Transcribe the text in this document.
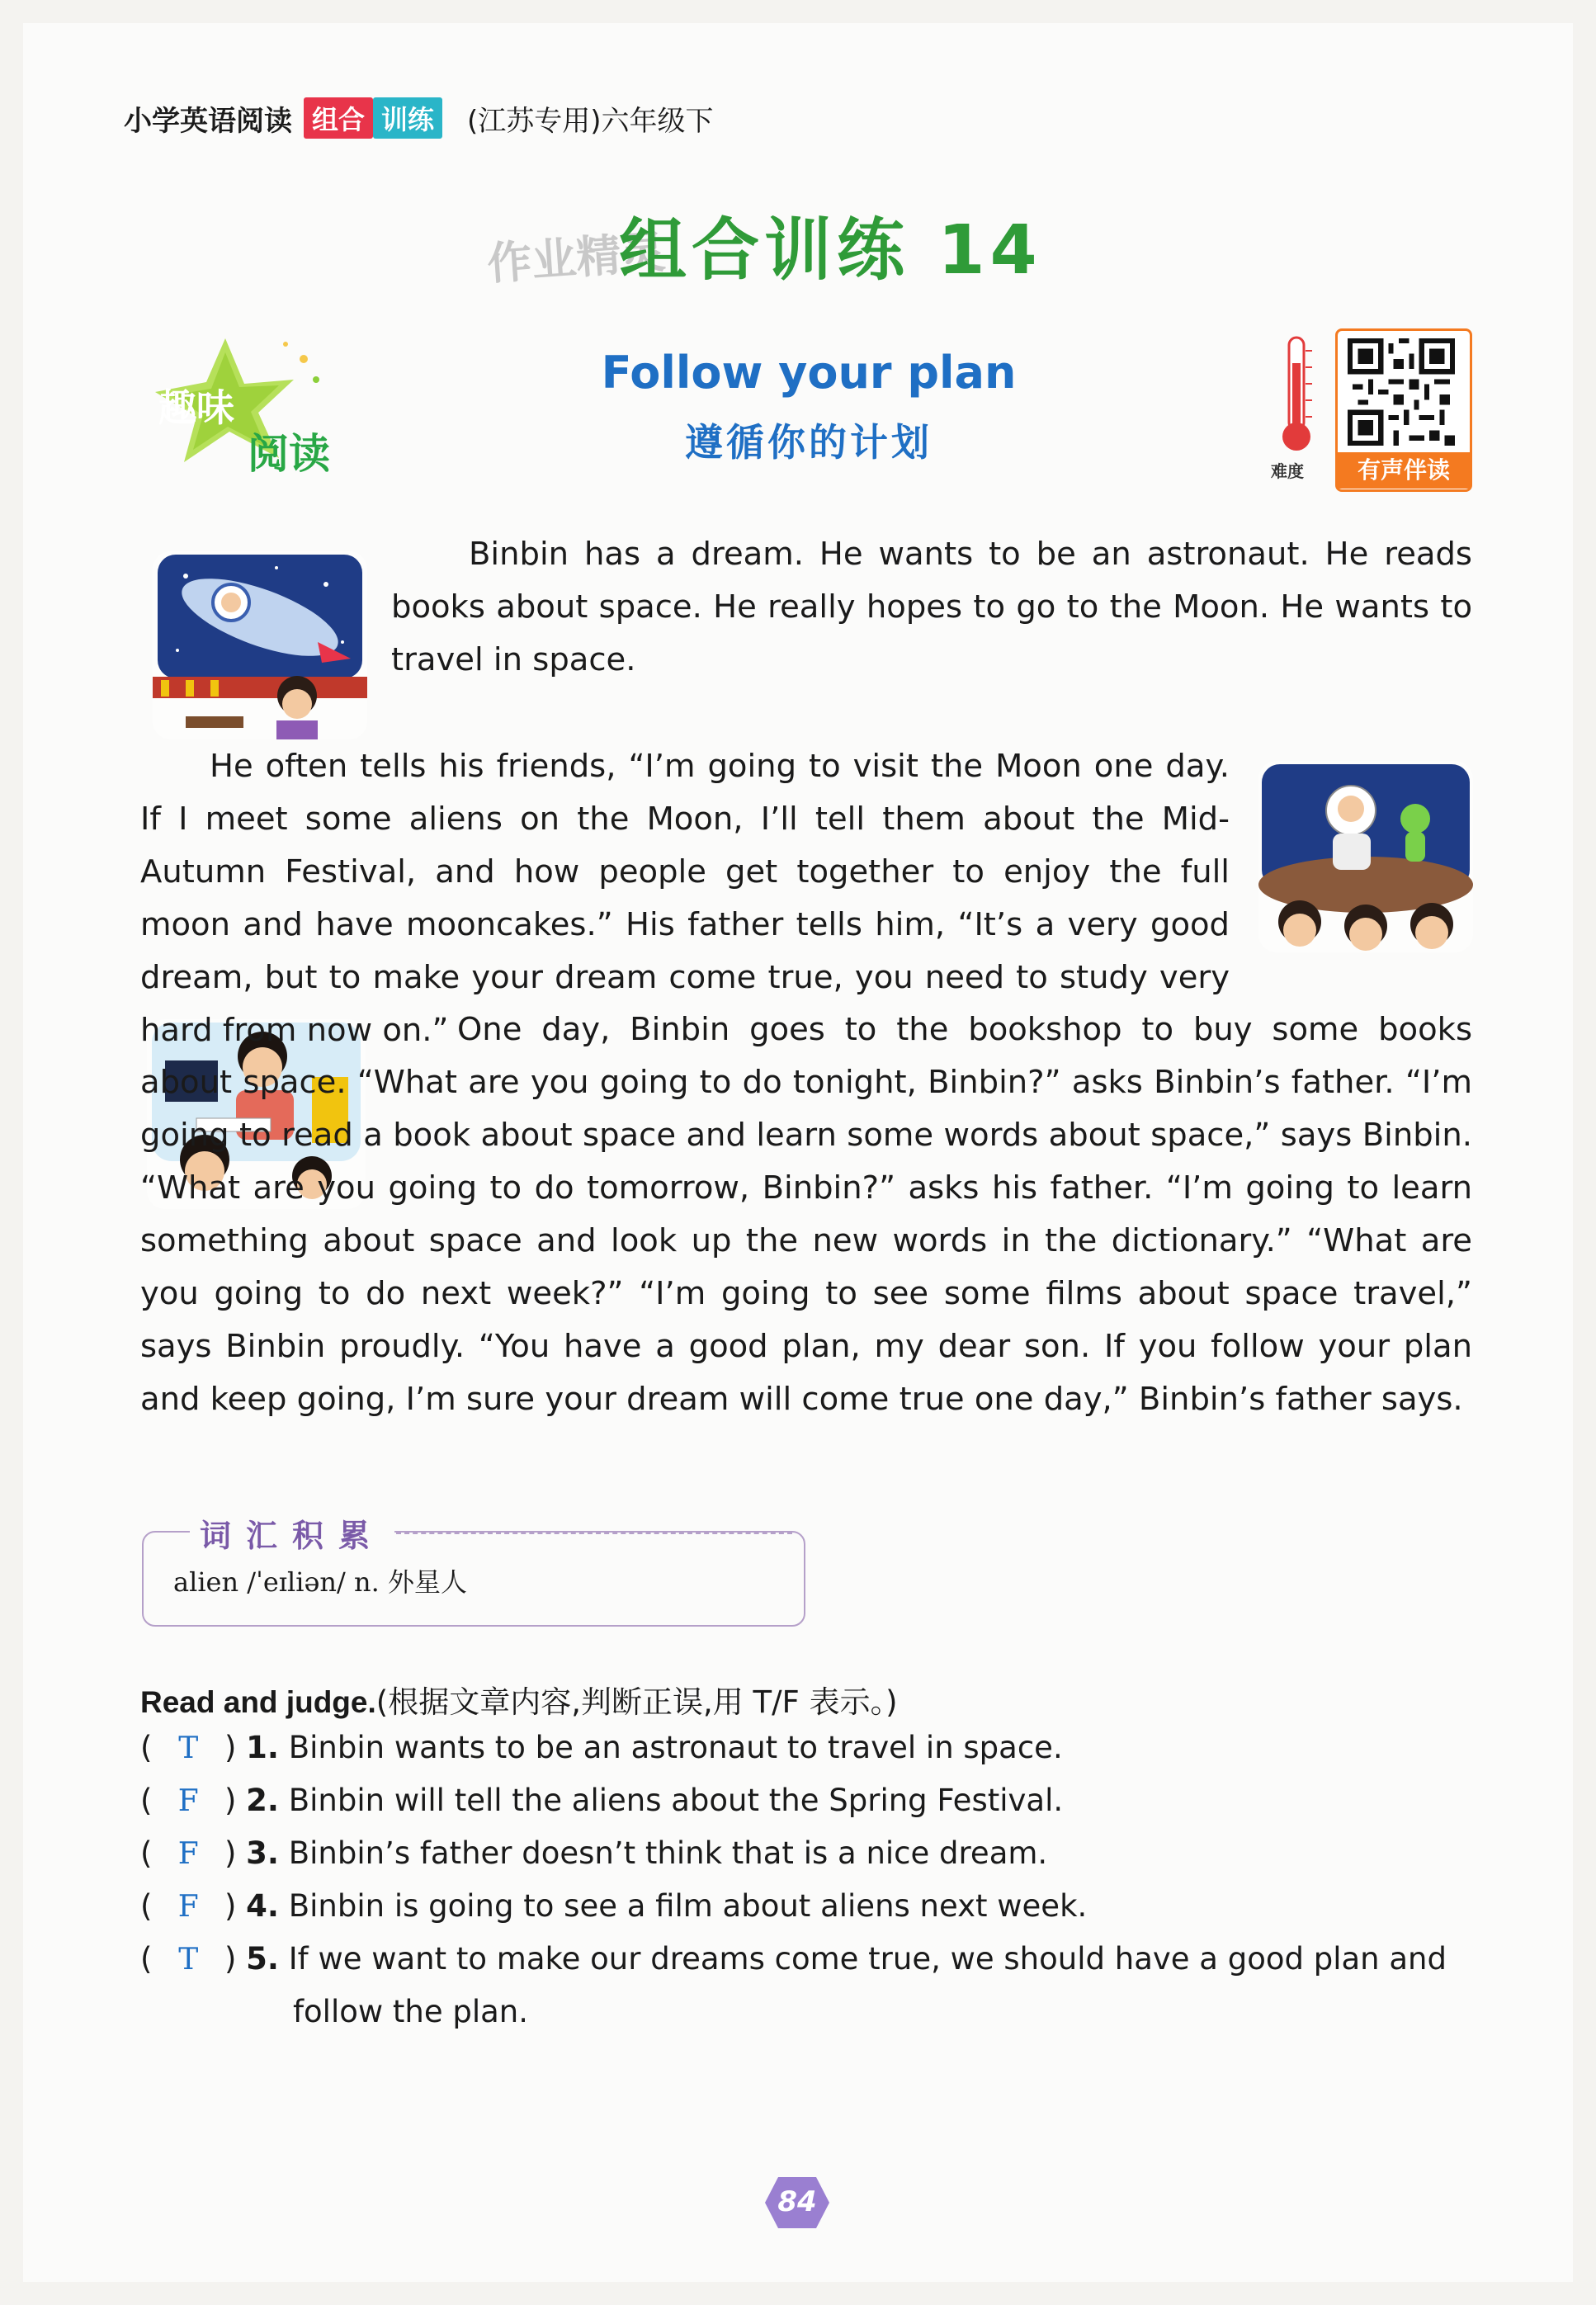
小学英语阅读 组合 训练 (江苏专用)六年级下
作业精灵
组合训练 14
趣味
阅读
Follow your plan
遵循你的计划
难度	有声伴读
Binbin has a dream. He wants to be an astronaut. He reads books about space. He really hopes to go to the Moon. He wants to travel in space.
He often tells his friends, “I’m going to visit the Moon one day. If I meet some aliens on the Moon, I’ll tell them about the Mid-Autumn Festival, and how people get together to enjoy the full moon and have mooncakes.” His father tells him, “It’s a very good dream, but to make your dream come true, you need to study very hard from now on.” One day, Binbin goes to the bookshop to buy some books about space. “What are you going to do tonight, Binbin?” asks Binbin’s father. “I’m going to read a book about space and learn some words about space,” says Binbin. “What are you going to do tomorrow, Binbin?” asks his father. “I’m going to learn something about space and look up the new words in the dictionary.” “What are you going to do next week?” “I’m going to see some films about space travel,” says Binbin proudly. “You have a good plan, my dear son. If you follow your plan and keep going, I’m sure your dream will come true one day,” Binbin’s father says.
词汇积累
alien /ˈeɪliən/ n. 外星人
Read and judge.(根据文章内容,判断正误,用 T/F 表示。)
( T ) 1. Binbin wants to be an astronaut to travel in space.
( F ) 2. Binbin will tell the aliens about the Spring Festival.
( F ) 3. Binbin’s father doesn’t think that is a nice dream.
( F ) 4. Binbin is going to see a film about aliens next week.
( T ) 5. If we want to make our dreams come true, we should have a good plan and
follow the plan.
84
